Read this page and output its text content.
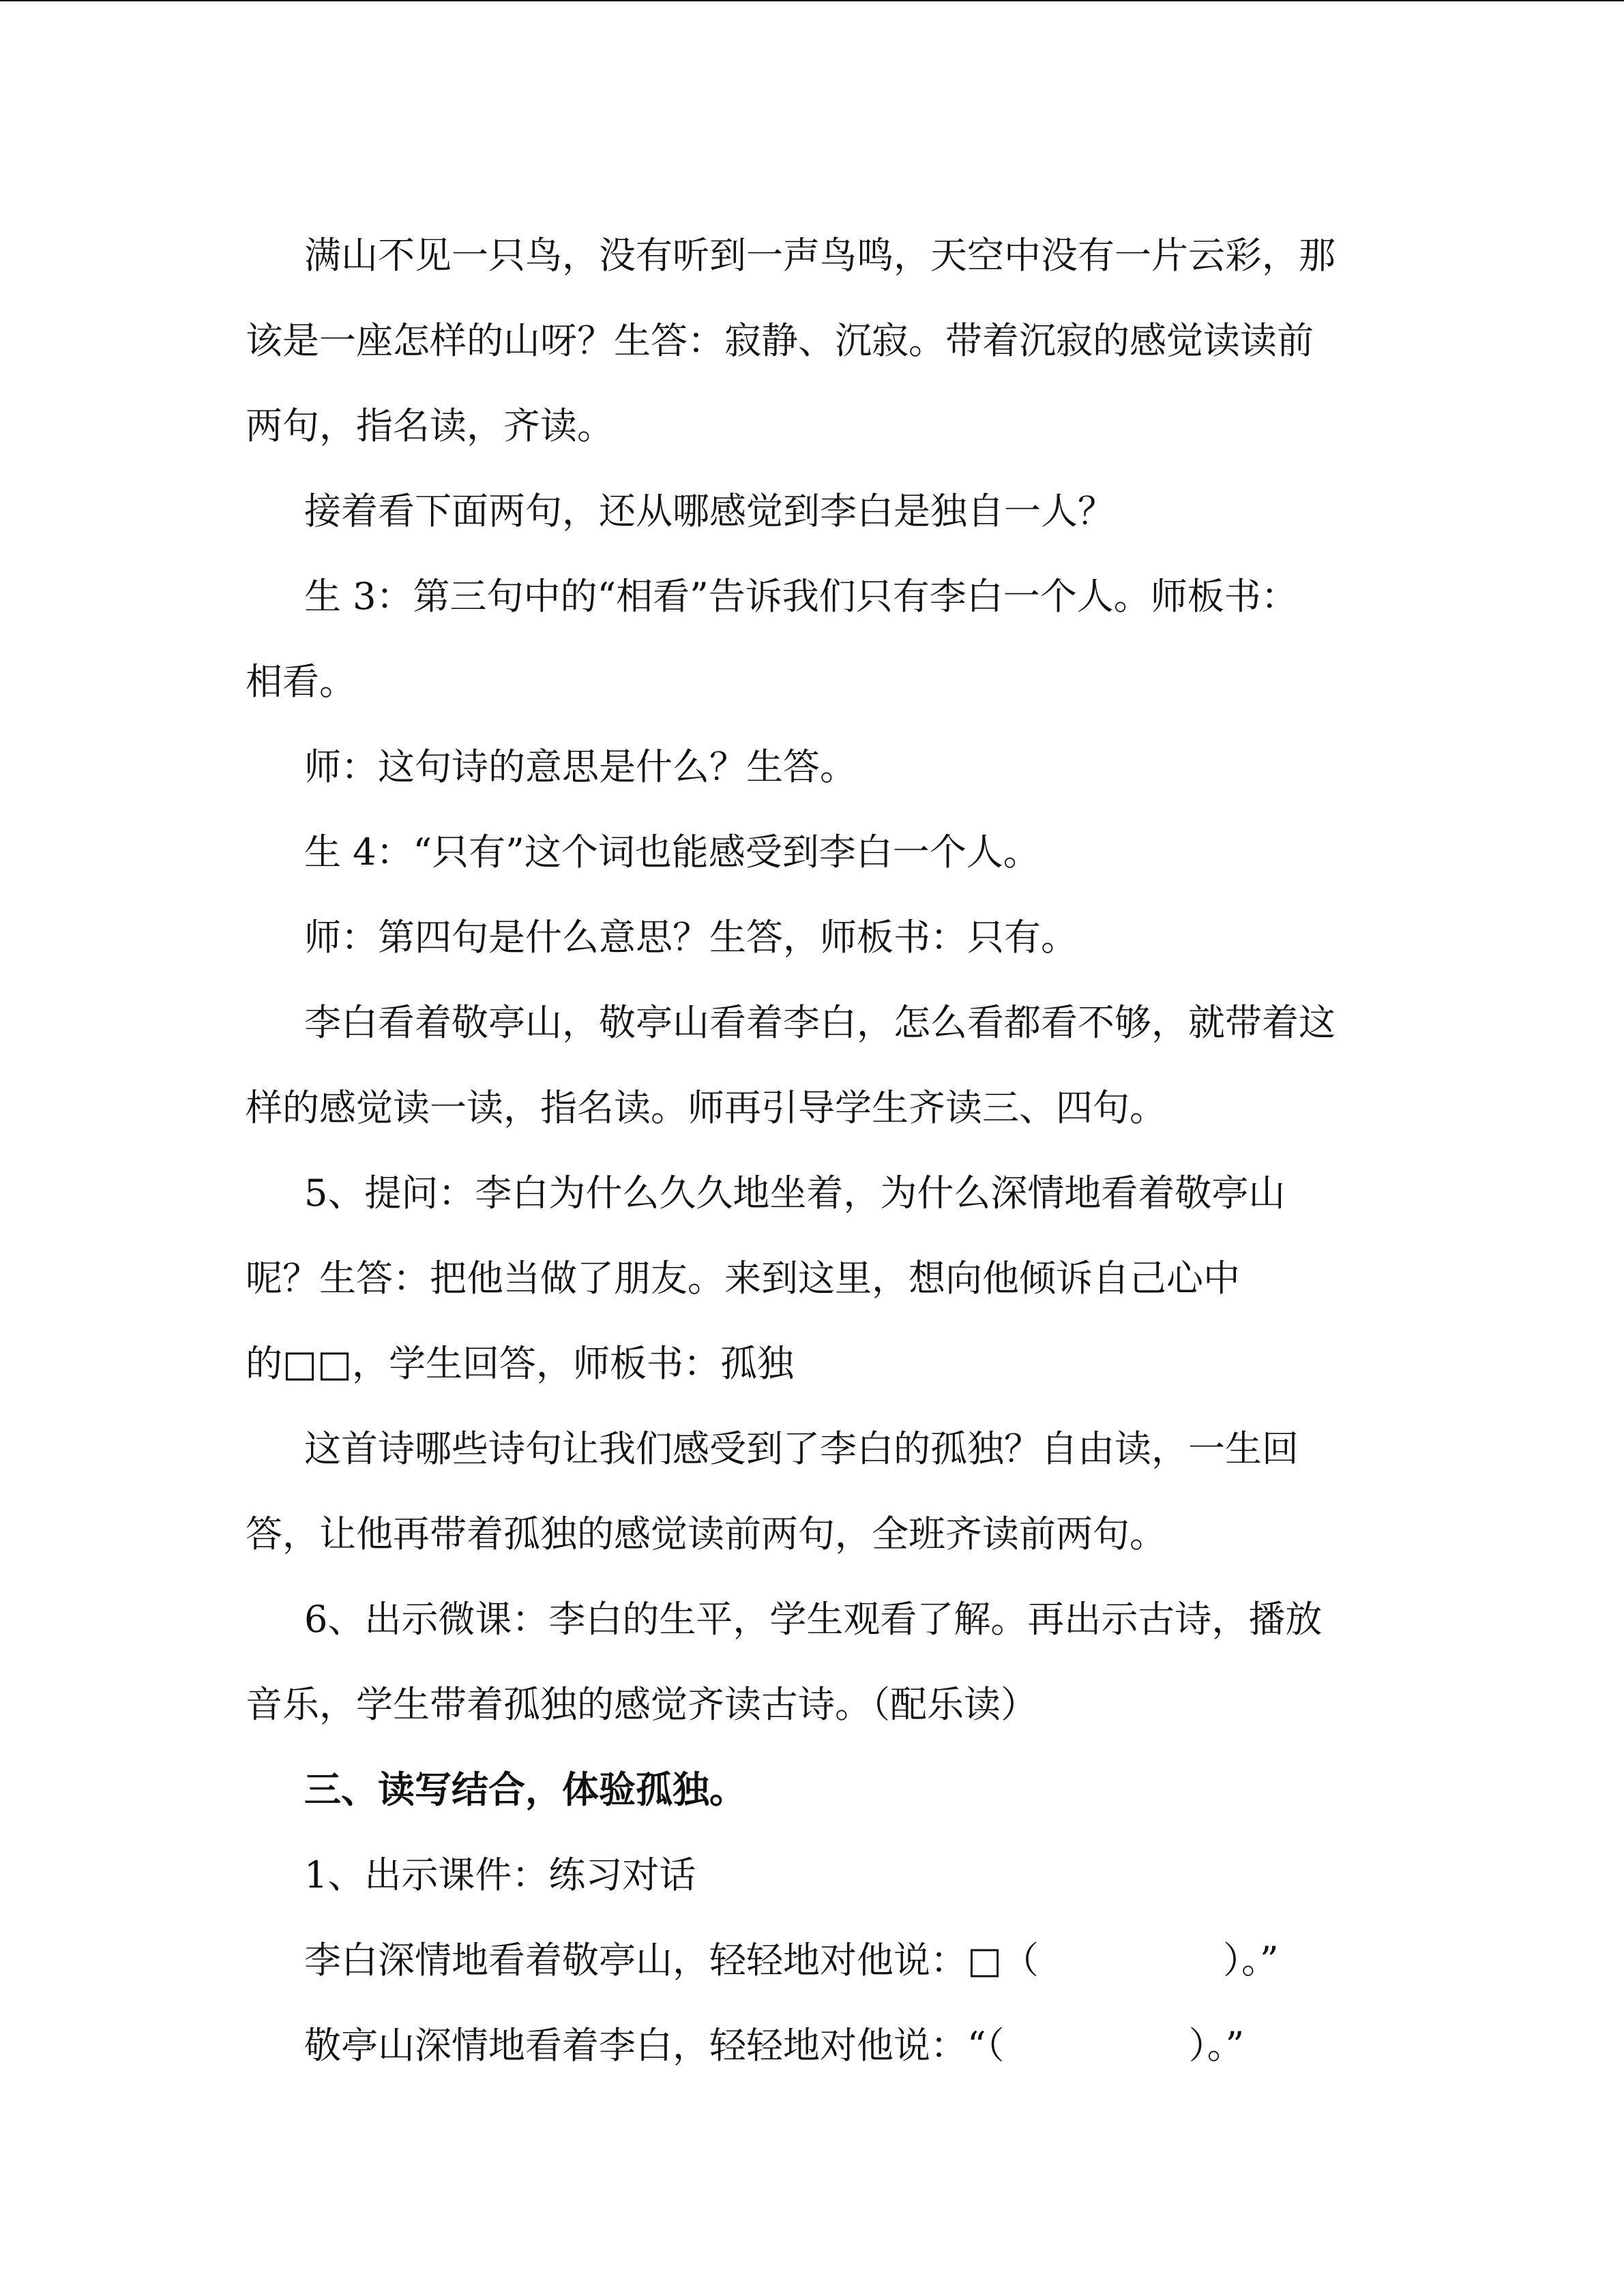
满山不见一只鸟，没有听到一声鸟鸣，天空中没有一片云彩，那
该是一座怎样的山呀？生答：寂静、沉寂。带着沉寂的感觉读读前
两句，指名读，齐读。

接着看下面两句，还从哪感觉到李白是独自一人？

生 3：第三句中的“相看”告诉我们只有李白一个人。师板书：
相看。

师：这句诗的意思是什么？生答。

生 4：“只有”这个词也能感受到李白一个人。

师：第四句是什么意思？生答，师板书：只有。

李白看着敬亭山，敬亭山看着李白，怎么看都看不够，就带着这
样的感觉读一读，指名读。师再引导学生齐读三、四句。

5、提问：李白为什么久久地坐着，为什么深情地看着敬亭山
呢？生答：把他当做了朋友。来到这里，想向他倾诉自己心中
的□□，学生回答，师板书：孤独

这首诗哪些诗句让我们感受到了李白的孤独？自由读，一生回
答，让他再带着孤独的感觉读前两句，全班齐读前两句。

6、出示微课：李白的生平，学生观看了解。再出示古诗，播放
音乐，学生带着孤独的感觉齐读古诗。（配乐读）

三、读写结合，体验孤独。

1、出示课件：练习对话

李白深情地看着敬亭山，轻轻地对他说：□（　　　　　）。”

敬亭山深情地看着李白，轻轻地对他说：“（　　　　　）。”
